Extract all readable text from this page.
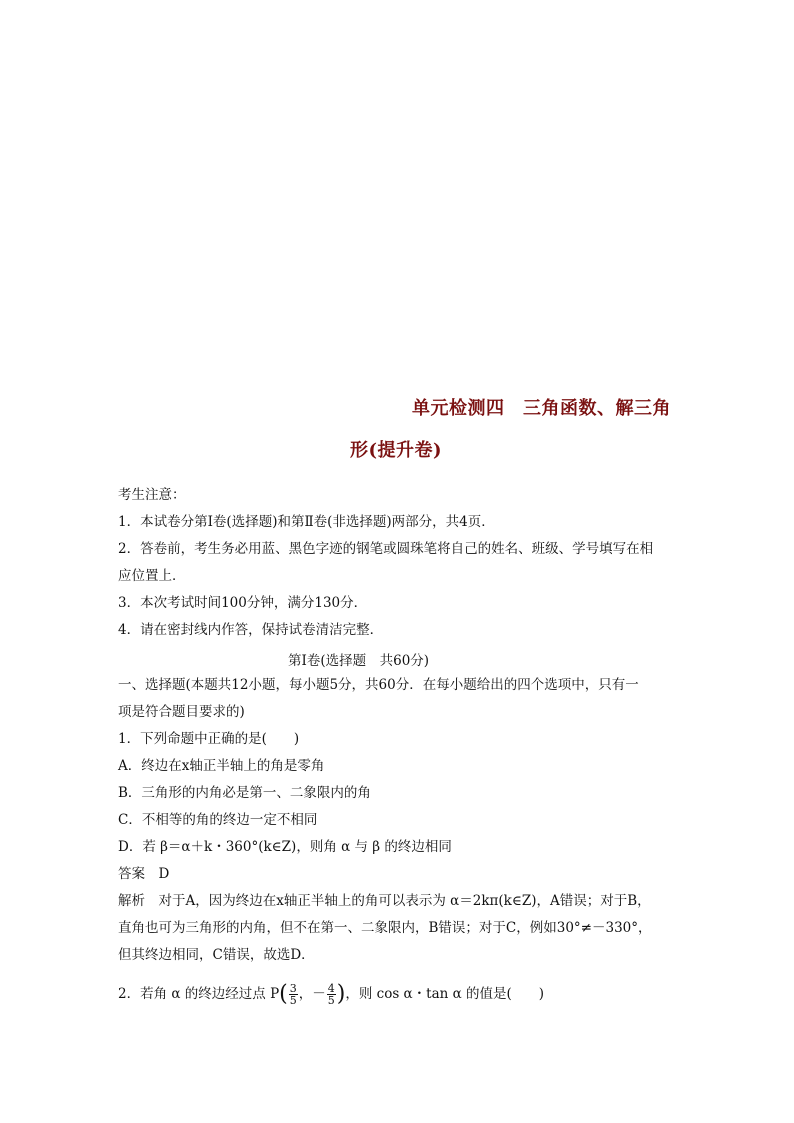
单元检测四　三角函数、解三角
形(提升卷)
考生注意：
1．本试卷分第Ⅰ卷(选择题)和第Ⅱ卷(非选择题)两部分，共4页．
2．答卷前，考生务必用蓝、黑色字迹的钢笔或圆珠笔将自己的姓名、班级、学号填写在相
应位置上．
3．本次考试时间100分钟，满分130分．
4．请在密封线内作答，保持试卷清洁完整．
第Ⅰ卷(选择题　共60分)
一、选择题(本题共12小题，每小题5分，共60分．在每小题给出的四个选项中，只有一
项是符合题目要求的)
1．下列命题中正确的是(　　)
A．终边在x轴正半轴上的角是零角
B．三角形的内角必是第一、二象限内的角
C．不相等的角的终边一定不相同
D．若 β＝α＋k・360°(k∈Z)，则角 α 与 β 的终边相同
答案　D
解析　对于A，因为终边在x轴正半轴上的角可以表示为 α＝2kπ(k∈Z)，A错误；对于B，
直角也可为三角形的内角，但不在第一、二象限内，B错误；对于C，例如30°≠－330°，
但其终边相同，C错误，故选D．
2．若角 α 的终边经过点 $P( \frac{3}{5}$ ，－ $\frac{4}{5}$ )，则 cos α・tan α 的值是(　　)
